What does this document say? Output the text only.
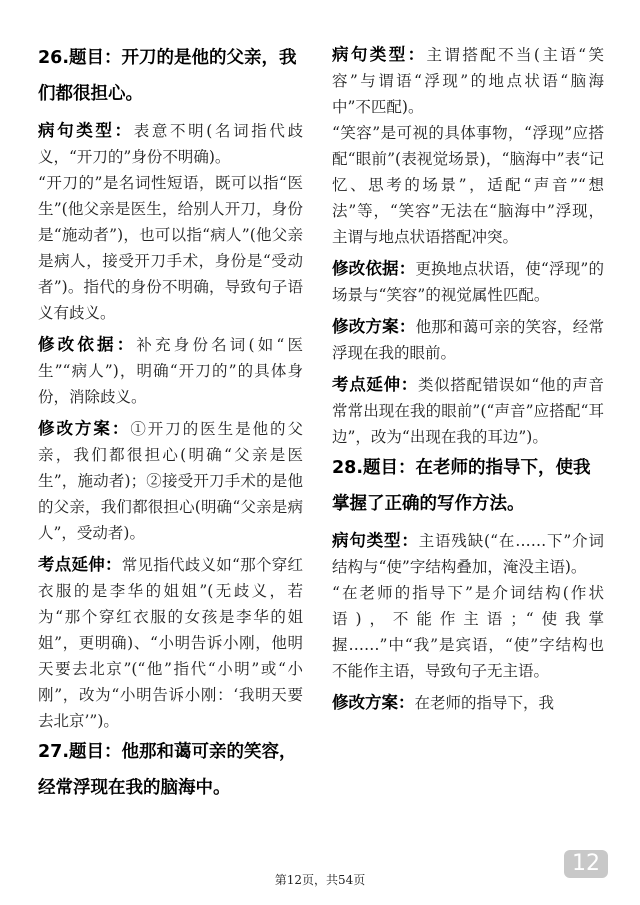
26.题目：开刀的是他的父亲，我们都很担心。

病句类型：表意不明(名词指代歧义，“开刀的”身份不明确)。

“开刀的”是名词性短语，既可以指“医生”(他父亲是医生，给别人开刀，身份是“施动者”)，也可以指“病人”(他父亲是病人，接受开刀手术，身份是“受动者”)。指代的身份不明确，导致句子语义有歧义。

修改依据：补充身份名词(如“医生”“病人”)，明确“开刀的”的具体身份，消除歧义。

修改方案：①开刀的医生是他的父亲，我们都很担心(明确“父亲是医生”，施动者)；②接受开刀手术的是他的父亲，我们都很担心(明确“父亲是病人”，受动者)。

考点延伸：常见指代歧义如“那个穿红衣服的是李华的姐姐”(无歧义，若为“那个穿红衣服的女孩是李华的姐姐”，更明确)、“小明告诉小刚，他明天要去北京”(“他”指代“小明”或“小刚”，改为“小明告诉小刚：‘我明天要去北京’”)。

27.题目：他那和蔼可亲的笑容，经常浮现在我的脑海中。

病句类型：主谓搭配不当(主语“笑容”与谓语“浮现”的地点状语“脑海中”不匹配)。

“笑容”是可视的具体事物，“浮现”应搭配“眼前”(表视觉场景)，“脑海中”表“记忆、思考的场景”，适配“声音”“想法”等，“笑容”无法在“脑海中”浮现，主谓与地点状语搭配冲突。

修改依据：更换地点状语，使“浮现”的场景与“笑容”的视觉属性匹配。

修改方案：他那和蔼可亲的笑容，经常浮现在我的眼前。

考点延伸：类似搭配错误如“他的声音常常出现在我的眼前”(“声音”应搭配“耳边”，改为“出现在我的耳边”)。

28.题目：在老师的指导下，使我掌握了正确的写作方法。

病句类型：主语残缺(“在……下”介词结构与“使”字结构叠加，淹没主语)。

“在老师的指导下”是介词结构(作状语)，不能作主语；“使我掌握……”中“我”是宾语，“使”字结构也不能作主语，导致句子无主语。

修改方案：在老师的指导下，我

第12页，共54页
12
